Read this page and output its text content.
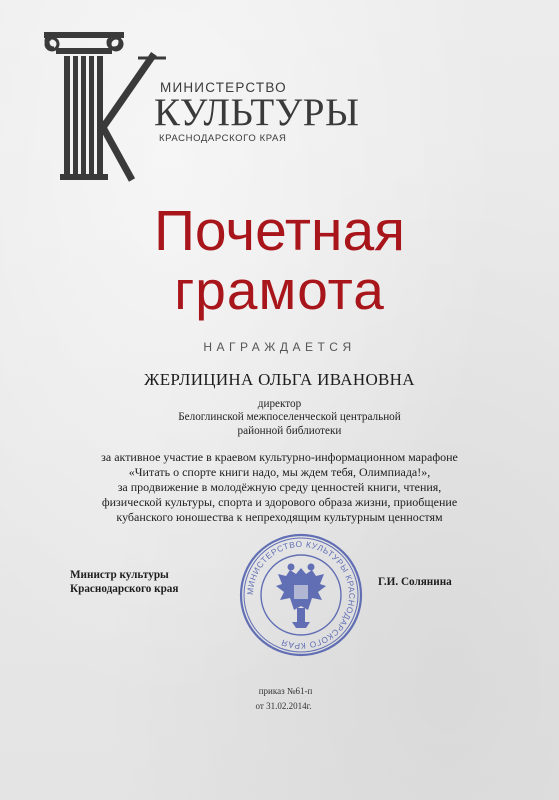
МИНИСТЕРСТВО
КУЛЬТУРЫ
КРАСНОДАРСКОГО КРАЯ
Почетная
грамота
НАГРАЖДАЕТСЯ
ЖЕРЛИЦИНА ОЛЬГА ИВАНОВНА
директор
Белоглинской межпоселенческой центральной
районной библиотеки
за активное участие в краевом культурно-информационном марафоне
«Читать о спорте книги надо, мы ждем тебя, Олимпиада!»,
за продвижение в молодёжную среду ценностей книги, чтения,
физической культуры, спорта и здорового образа жизни, приобщение
кубанского юношества к непреходящим культурным ценностям
МИНИСТЕРСТВО КУЛЬТУРЫ КРАСНОДАРСКОГО КРАЯ
Министр культуры
Краснодарского края
Г.И. Солянина
приказ №61-п
от 31.02.2014г.
